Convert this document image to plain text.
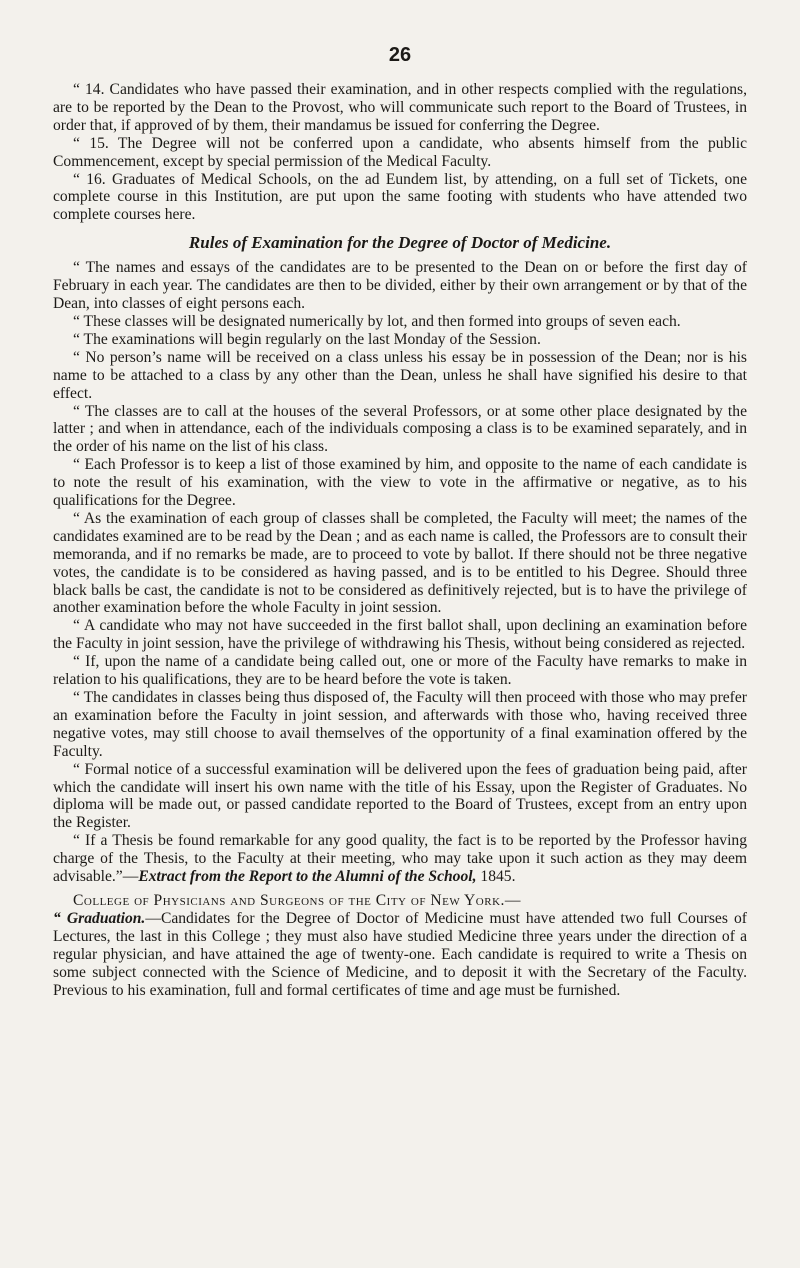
26

“ 14. Candidates who have passed their examination, and in other respects complied with the regulations, are to be reported by the Dean to the Provost, who will communicate such report to the Board of Trustees, in order that, if approved of by them, their mandamus be issued for conferring the Degree.

“ 15. The Degree will not be conferred upon a candidate, who absents himself from the public Commencement, except by special permission of the Medical Faculty.

“ 16. Graduates of Medical Schools, on the ad Eundem list, by attending, on a full set of Tickets, one complete course in this Institution, are put upon the same footing with students who have attended two complete courses here.

Rules of Examination for the Degree of Doctor of Medicine.

“ The names and essays of the candidates are to be presented to the Dean on or before the first day of February in each year. The candidates are then to be divided, either by their own arrangement or by that of the Dean, into classes of eight persons each.

“ These classes will be designated numerically by lot, and then formed into groups of seven each.

“ The examinations will begin regularly on the last Monday of the Session.

“ No person’s name will be received on a class unless his essay be in possession of the Dean; nor is his name to be attached to a class by any other than the Dean, unless he shall have signified his desire to that effect.

“ The classes are to call at the houses of the several Professors, or at some other place designated by the latter ; and when in attendance, each of the individuals composing a class is to be examined separately, and in the order of his name on the list of his class.

“ Each Professor is to keep a list of those examined by him, and opposite to the name of each candidate is to note the result of his examination, with the view to vote in the affirmative or negative, as to his qualifications for the Degree.

“ As the examination of each group of classes shall be completed, the Faculty will meet; the names of the candidates examined are to be read by the Dean ; and as each name is called, the Professors are to consult their memoranda, and if no remarks be made, are to proceed to vote by ballot. If there should not be three negative votes, the candidate is to be considered as having passed, and is to be entitled to his Degree. Should three black balls be cast, the candidate is not to be considered as definitively rejected, but is to have the privilege of another examination before the whole Faculty in joint session.

“ A candidate who may not have succeeded in the first ballot shall, upon declining an examination before the Faculty in joint session, have the privilege of withdrawing his Thesis, without being considered as rejected.

“ If, upon the name of a candidate being called out, one or more of the Faculty have remarks to make in relation to his qualifications, they are to be heard before the vote is taken.

“ The candidates in classes being thus disposed of, the Faculty will then proceed with those who may prefer an examination before the Faculty in joint session, and afterwards with those who, having received three negative votes, may still choose to avail themselves of the opportunity of a final examination offered by the Faculty.

“ Formal notice of a successful examination will be delivered upon the fees of graduation being paid, after which the candidate will insert his own name with the title of his Essay, upon the Register of Graduates. No diploma will be made out, or passed candidate reported to the Board of Trustees, except from an entry upon the Register.

“ If a Thesis be found remarkable for any good quality, the fact is to be reported by the Professor having charge of the Thesis, to the Faculty at their meeting, who may take upon it such action as they may deem advisable.”—Extract from the Report to the Alumni of the School, 1845.

College of Physicians and Surgeons of the City of New York.—
“ Graduation.—Candidates for the Degree of Doctor of Medicine must have attended two full Courses of Lectures, the last in this College ; they must also have studied Medicine three years under the direction of a regular physician, and have attained the age of twenty-one. Each candidate is required to write a Thesis on some subject connected with the Science of Medicine, and to deposit it with the Secretary of the Faculty. Previous to his examination, full and formal certificates of time and age must be furnished.
